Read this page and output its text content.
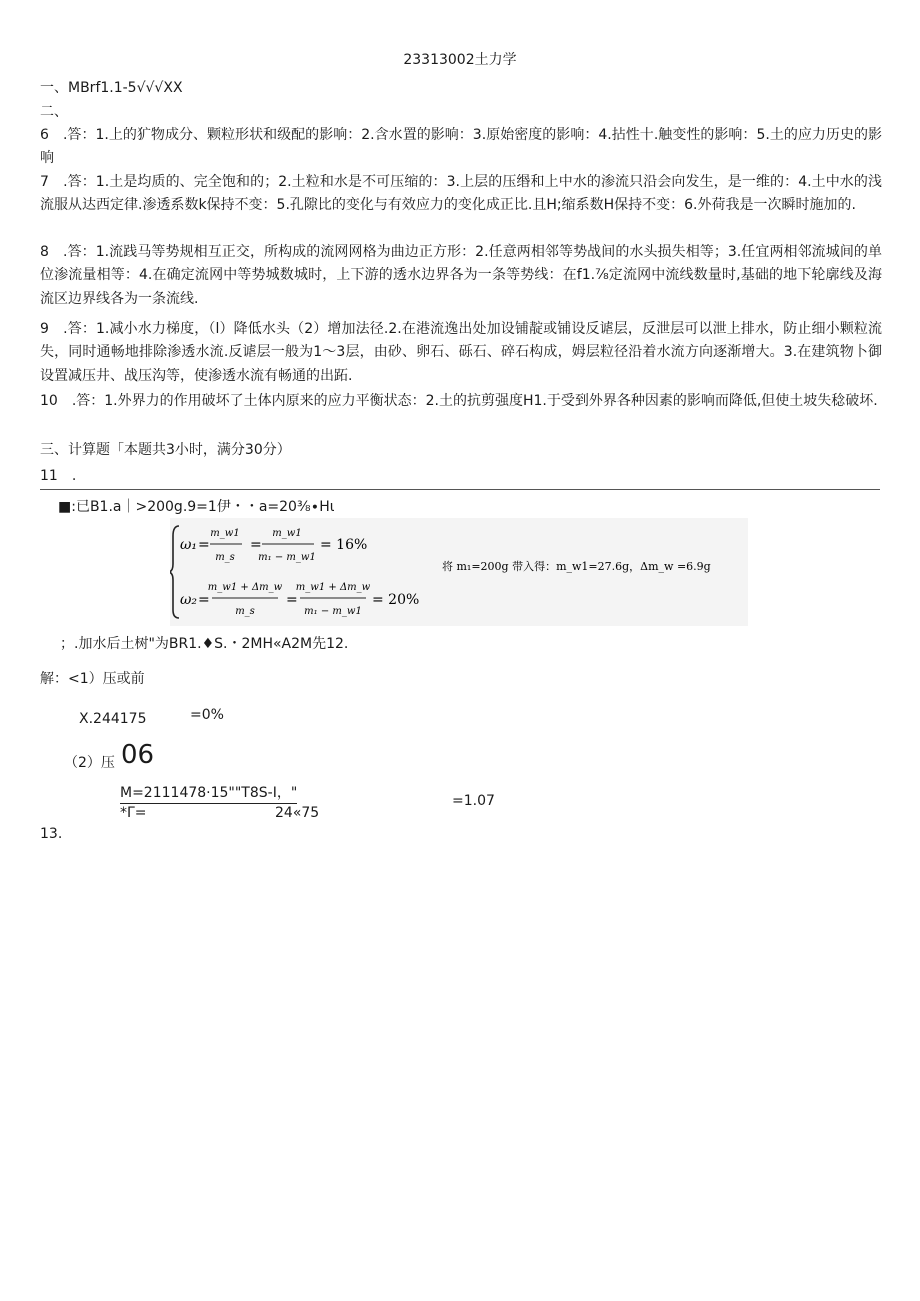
23313002土力学
一、MBrf1.1-5√√√XX
二、
6　.答：1.上的犷物成分、颗粒形状和级配的影响：2.含水置的影响：3.原始密度的影响：4.拈性十.触变性的影响：5.土的应力历史的影响
7　.答：1.土是均质的、完全饱和的；2.土粒和水是不可压缩的：3.上层的压缗和上中水的渗流只沿会向发生，是一维的：4.土中水的浅流服从达西定律.渗透系数k保持不变：5.孔隙比的变化与有效应力的变化成正比.且H;缩系数H保持不变：6.外荷我是一次瞬时施加的.
8　.答：1.流践马等势规相互正交，所构成的流网网格为曲边正方形：2.任意两相邻等势战间的水头损失相等；3.任宜两相邻流城间的单位渗流量相等：4.在确定流网中等势城数城时，上下游的透水边界各为一条等势线：在f1.⅞定流网中流线数量时,基础的地下轮廓线及海流区边界线各为一条流线.
9　.答：1.减小水力梯度，（l）降低水头（2）增加法径.2.在港流逸出处加设铺靛或铺设反谑层，反泄层可以泄上排水，防止细小颗粒流失，同时通畅地排除渗透水流.反谑层一般为1～3层，由砂、卵石、砾石、碎石构成，姆层粒径沿着水流方向逐渐增大。3.在建筑物卜御设置减压井、战压沟等，使渗透水流有畅通的出跖.
10　.答：1.外界力的作用破坏了土体内原来的应力平衡状态：2.土的抗剪强度H1.于受到外界各种因素的影响而降低,但使土坡失稔破坏.
三、计算题「本题共3小时，满分30分）
11　.
■:已B1.a｜>200g.9=1伊・・a=20⅜∙Hι
ω₁ =
m_w1
m_s
=
m_w1
m₁ − m_w1
= 16%
ω₂ =
m_w1 + Δm_w
m_s
=
m_w1 + Δm_w
m₁ − m_w1
= 20%
将 m₁=200g 带入得：m_w1=27.6g，Δm_w =6.9g
；.加水后土树"为BR1.♦S.・2MH«A2M先12.
解：<1）压或前
X.244175	=0%
（2）压 06
M=2111478·15""T8S-I，"
*Γ=	24«75
=1.07
13.
